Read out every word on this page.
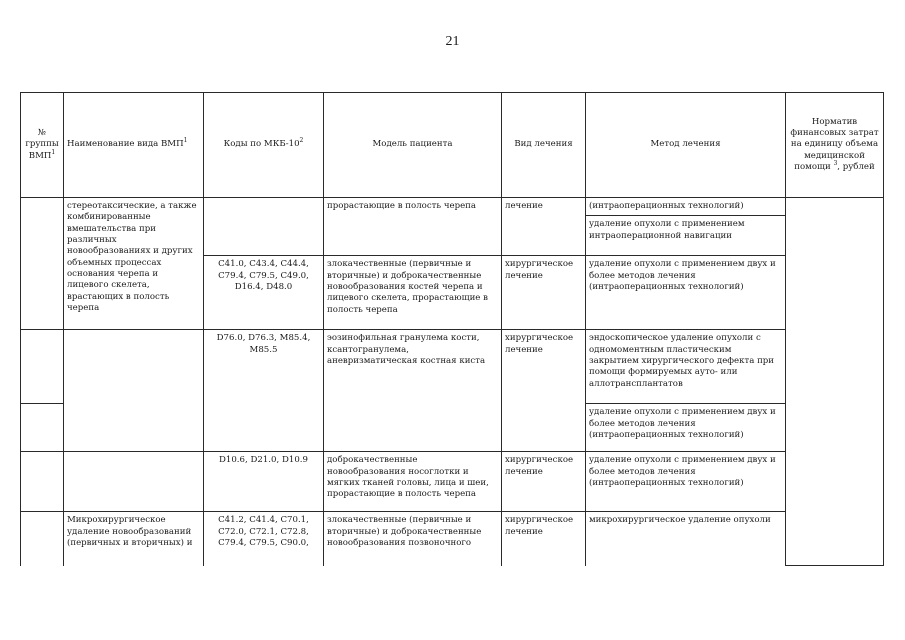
21
№ группы ВМП$^1$	Наименование вида ВМП$^1$	Коды по МКБ-$10^2$	Модель пациента	Вид лечения	Метод лечения	Норматив финансовых затрат на единицу объема медицинской помощи $^3$, рублей
	стереотаксические, а также комбинированные вмешательства при различных новообразованиях и других объемных процессах основания черепа и лицевого скелета, врастающих в полость черепа		прорастающие в полость черепа	лечение	(интраоперационных технологий)	
					удаление опухоли с применением интраоперационной навигации	
		C41.0, C43.4, C44.4, C79.4, C79.5, C49.0, D16.4, D48.0	злокачественные (первичные и вторичные) и доброкачественные новообразования костей черепа и лицевого скелета, прорастающие в полость черепа	хирургическое лечение	удаление опухоли с применением двух и более методов лечения (интраоперационных технологий)	
		D76.0, D76.3, M85.4, M85.5	эозинофильная гранулема кости, ксантогранулема, аневризматическая костная киста	хирургическое лечение	эндоскопическое удаление опухоли с одномоментным пластическим закрытием хирургического дефекта при помощи формируемых ауто- или аллотрансплантатов	
					удаление опухоли с применением двух и более методов лечения (интраоперационных технологий)	
		D10.6, D21.0, D10.9	доброкачественные новообразования носоглотки и мягких тканей головы, лица и шеи, прорастающие в полость черепа	хирургическое лечение	удаление опухоли с применением двух и более методов лечения (интраоперационных технологий)	
	Микрохирургическое удаление новообразований (первичных и вторичных) и	C41.2, C41.4, C70.1, C72.0, C72.1, C72.8, C79.4, C79.5, C90.0,	злокачественные (первичные и вторичные) и доброкачественные новообразования позвоночного	хирургическое лечение	микрохирургическое удаление опухоли	
